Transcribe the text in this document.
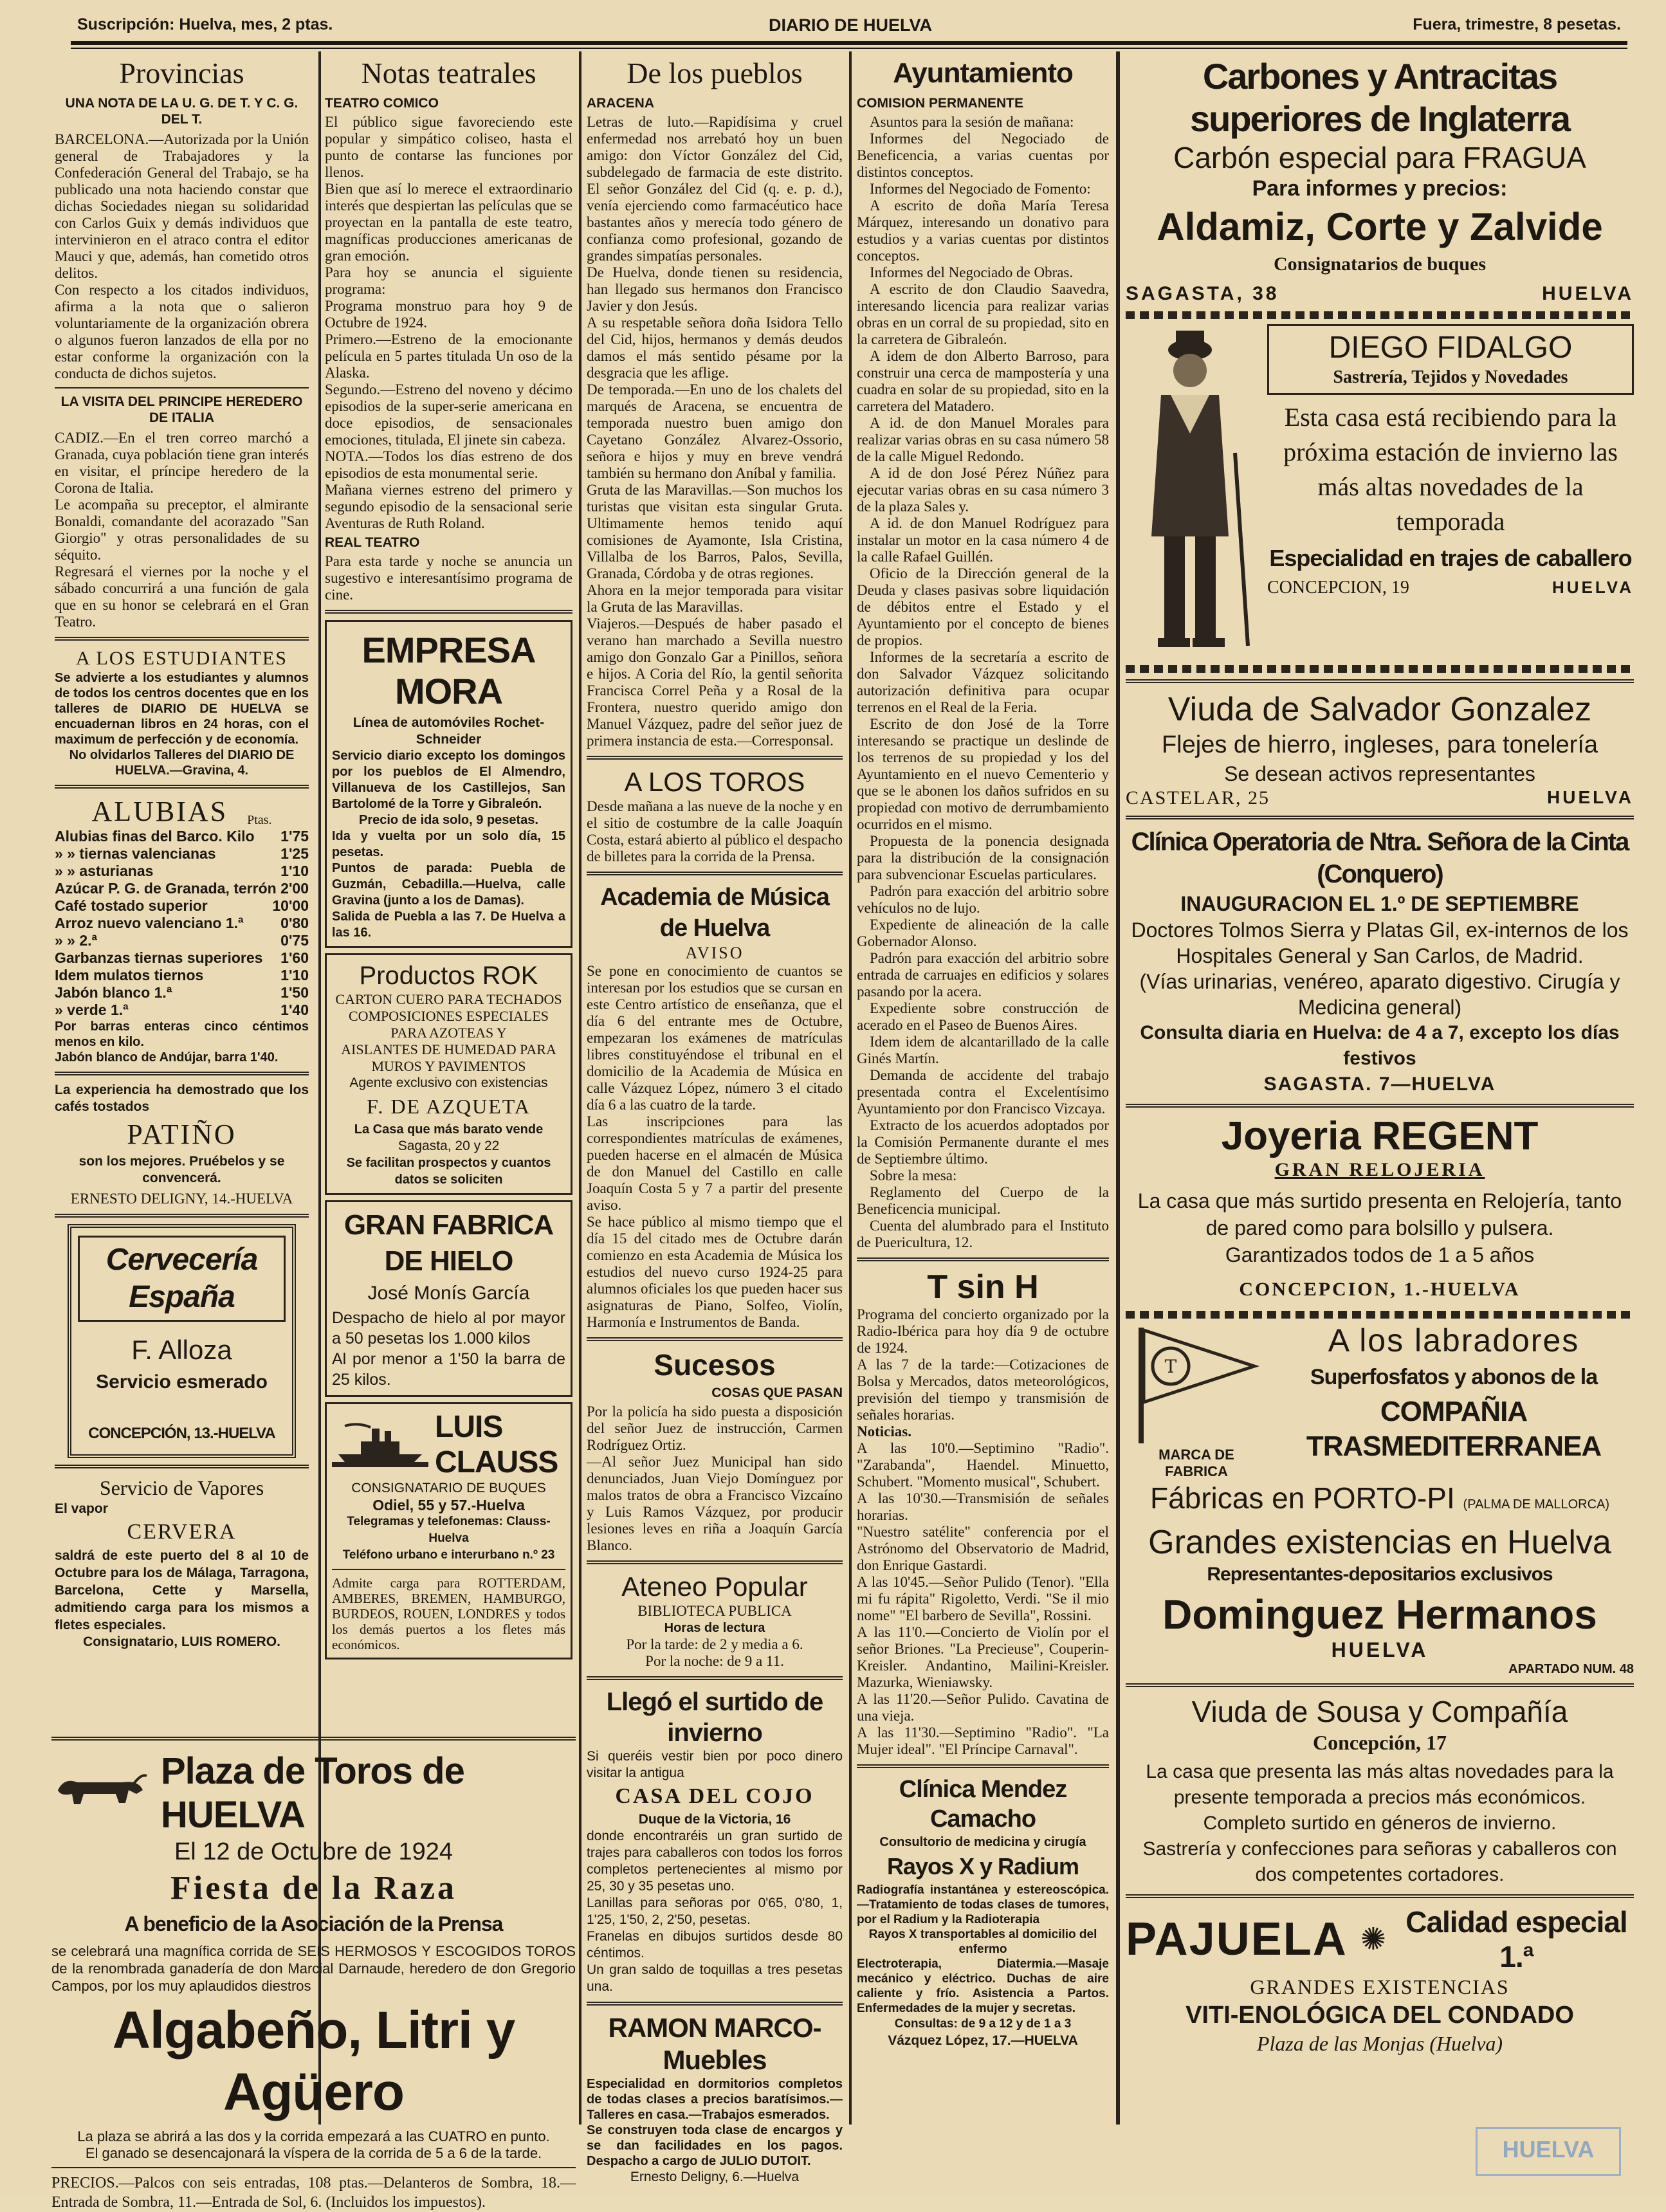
Suscripción: Huelva, mes, 2 ptas.	DIARIO DE HUELVA	Fuera, trimestre, 8 pesetas.
Provincias

UNA NOTA DE LA U. G. DE T. Y C. G. DEL T.

BARCELONA.—Autorizada por la Unión general de Trabajadores y la Confederación General del Trabajo, se ha publicado una nota haciendo constar que dichas Sociedades niegan su solidaridad con Carlos Guix y demás individuos que intervinieron en el atraco contra el editor Mauci y que, además, han cometido otros delitos.

Con respecto a los citados individuos, afirma a la nota que o salieron voluntariamente de la organización obrera o algunos fueron lanzados de ella por no estar conforme la organización con la conducta de dichos sujetos.

LA VISITA DEL PRINCIPE HEREDERO DE ITALIA

CADIZ.—En el tren correo marchó a Granada, cuya población tiene gran interés en visitar, el príncipe heredero de la Corona de Italia.

Le acompaña su preceptor, el almirante Bonaldi, comandante del acorazado "San Giorgio" y otras personalidades de su séquito.

Regresará el viernes por la noche y el sábado concurrirá a una función de gala que en su honor se celebrará en el Gran Teatro.

A LOS ESTUDIANTES

Se advierte a los estudiantes y alumnos de todos los centros docentes que en los talleres de DIARIO DE HUELVA se encuadernan libros en 24 horas, con el maximum de perfección y de economía.

No olvidarlos Talleres del DIARIO DE HUELVA.—Gravina, 4.

ALUBIAS Ptas.
Alubias finas del Barco. Kilo 1'75
» » tiernas valencianas	1'25
» » asturianas	1'10
Azúcar P. G. de Granada, terrón 2'00
Café tostado superior	10'00
Arroz nuevo valenciano 1.ª	0'80
» » 2.ª	0'75
Garbanzas tiernas superiores 1'60
Idem mulatos tiernos	1'10
Jabón blanco 1.ª	1'50
» verde 1.ª	1'40

Por barras enteras cinco céntimos menos en kilo.

Jabón blanco de Andújar, barra 1'40.

La experiencia ha demostrado que los cafés tostados

PATIÑO

son los mejores. Pruébelos y se convencerá.

ERNESTO DELIGNY, 14.-HUELVA

Cervecería España
F. Alloza
Servicio esmerado
CONCEPCIÓN, 13.-HUELVA

Servicio de Vapores

El vapor

CERVERA

saldrá de este puerto del 8 al 10 de Octubre para los de Málaga, Tarragona, Barcelona, Cette y Marsella, admitiendo carga para los mismos a fletes especiales.

Consignatario, LUIS ROMERO.

Notas teatrales

TEATRO COMICO

El público sigue favoreciendo este popular y simpático coliseo, hasta el punto de contarse las funciones por llenos.

Bien que así lo merece el extraordinario interés que despiertan las películas que se proyectan en la pantalla de este teatro, magníficas producciones americanas de gran emoción.

Para hoy se anuncia el siguiente programa:

Programa monstruo para hoy 9 de Octubre de 1924.

Primero.—Estreno de la emocionante película en 5 partes titulada Un oso de la Alaska.

Segundo.—Estreno del noveno y décimo episodios de la super-serie americana en doce episodios, de sensacionales emociones, titulada, El jinete sin cabeza.

NOTA.—Todos los días estreno de dos episodios de esta monumental serie.

Mañana viernes estreno del primero y segundo episodio de la sensacional serie Aventuras de Ruth Roland.

REAL TEATRO

Para esta tarde y noche se anuncia un sugestivo e interesantísimo programa de cine.

EMPRESA MORA

Línea de automóviles Rochet-Schneider

Servicio diario excepto los domingos por los pueblos de El Almendro, Villanueva de los Castillejos, San Bartolomé de la Torre y Gibraleón.

Precio de ida solo, 9 pesetas.

Ida y vuelta por un solo día, 15 pesetas.

Puntos de parada: Puebla de Guzmán, Cebadilla.—Huelva, calle Gravina (junto a los de Damas).

Salida de Puebla a las 7. De Huelva a las 16.

Productos ROK

CARTON CUERO PARA TECHADOS

COMPOSICIONES ESPECIALES PARA AZOTEAS Y

AISLANTES DE HUMEDAD PARA MUROS Y PAVIMENTOS

Agente exclusivo con existencias

F. DE AZQUETA

La Casa que más barato vende

Sagasta, 20 y 22

Se facilitan prospectos y cuantos datos se soliciten

GRAN FABRICA DE HIELO

José Monís García

Despacho de hielo al por mayor a 50 pesetas los 1.000 kilos

Al por menor a 1'50 la barra de 25 kilos.

LUIS CLAUSS

CONSIGNATARIO DE BUQUES

Odiel, 55 y 57.-Huelva

Telegramas y telefonemas: Clauss-Huelva

Teléfono urbano e interurbano n.º 23

Admite carga para ROTTERDAM, AMBERES, BREMEN, HAMBURGO, BURDEOS, ROUEN, LONDRES y todos los demás puertos a los fletes más económicos.

De los pueblos

ARACENA

Letras de luto.—Rapidísima y cruel enfermedad nos arrebató hoy un buen amigo: don Víctor González del Cid, subdelegado de farmacia de este distrito. El señor González del Cid (q. e. p. d.), venía ejerciendo como farmacéutico hace bastantes años y merecía todo género de confianza como profesional, gozando de grandes simpatías personales.

De Huelva, donde tienen su residencia, han llegado sus hermanos don Francisco Javier y don Jesús.

A su respetable señora doña Isidora Tello del Cid, hijos, hermanos y demás deudos damos el más sentido pésame por la desgracia que les aflige.

De temporada.—En uno de los chalets del marqués de Aracena, se encuentra de temporada nuestro buen amigo don Cayetano González Alvarez-Ossorio, señora e hijos y muy en breve vendrá también su hermano don Aníbal y familia.

Gruta de las Maravillas.—Son muchos los turistas que visitan esta singular Gruta. Ultimamente hemos tenido aquí comisiones de Ayamonte, Isla Cristina, Villalba de los Barros, Palos, Sevilla, Granada, Córdoba y de otras regiones.

Ahora en la mejor temporada para visitar la Gruta de las Maravillas.

Viajeros.—Después de haber pasado el verano han marchado a Sevilla nuestro amigo don Gonzalo Gar a Pinillos, señora e hijos. A Coria del Río, la gentil señorita Francisca Correl Peña y a Rosal de la Frontera, nuestro querido amigo don Manuel Vázquez, padre del señor juez de primera instancia de esta.—Corresponsal.

A LOS TOROS

Desde mañana a las nueve de la noche y en el sitio de costumbre de la calle Joaquín Costa, estará abierto al público el despacho de billetes para la corrida de la Prensa.

Academia de Música de Huelva

AVISO

Se pone en conocimiento de cuantos se interesan por los estudios que se cursan en este Centro artístico de enseñanza, que el día 6 del entrante mes de Octubre, empezaran los exámenes de matrículas libres constituyéndose el tribunal en el domicilio de la Academia de Música en calle Vázquez López, número 3 el citado día 6 a las cuatro de la tarde.

Las inscripciones para las correspondientes matrículas de exámenes, pueden hacerse en el almacén de Música de don Manuel del Castillo en calle Joaquín Costa 5 y 7 a partir del presente aviso.

Se hace público al mismo tiempo que el día 15 del citado mes de Octubre darán comienzo en esta Academia de Música los estudios del nuevo curso 1924-25 para alumnos oficiales los que pueden hacer sus asignaturas de Piano, Solfeo, Violín, Harmonía e Instrumentos de Banda.

Sucesos

COSAS QUE PASAN

Por la policía ha sido puesta a disposición del señor Juez de instrucción, Carmen Rodríguez Ortiz.

—Al señor Juez Municipal han sido denunciados, Juan Viejo Domínguez por malos tratos de obra a Francisco Vizcaíno y Luis Ramos Vázquez, por producir lesiones leves en riña a Joaquín García Blanco.

Ateneo Popular

BIBLIOTECA PUBLICA

Horas de lectura

Por la tarde: de 2 y media a 6.

Por la noche: de 9 a 11.

Llegó el surtido de invierno

Si queréis vestir bien por poco dinero visitar la antigua

CASA DEL COJO

Duque de la Victoria, 16

donde encontraréis un gran surtido de trajes para caballeros con todos los forros completos pertenecientes al mismo por 25, 30 y 35 pesetas uno.

Lanillas para señoras por 0'65, 0'80, 1, 1'25, 1'50, 2, 2'50, pesetas.

Franelas en dibujos surtidos desde 80 céntimos.

Un gran saldo de toquillas a tres pesetas una.

RAMON MARCO-Muebles

Especialidad en dormitorios completos de todas clases a precios baratísimos.—Talleres en casa.—Trabajos esmerados.

Se construyen toda clase de encargos y se dan facilidades en los pagos. Despacho a cargo de JULIO DUTOIT.

Ernesto Deligny, 6.—Huelva

Ayuntamiento

COMISION PERMANENTE

Asuntos para la sesión de mañana:

Informes del Negociado de Beneficencia, a varias cuentas por distintos conceptos.

Informes del Negociado de Fomento:

A escrito de doña María Teresa Márquez, interesando un donativo para estudios y a varias cuentas por distintos conceptos.

Informes del Negociado de Obras.

A escrito de don Claudio Saavedra, interesando licencia para realizar varias obras en un corral de su propiedad, sito en la carretera de Gibraleón.

A idem de don Alberto Barroso, para construir una cerca de mampostería y una cuadra en solar de su propiedad, sito en la carretera del Matadero.

A id. de don Manuel Morales para realizar varias obras en su casa número 58 de la calle Miguel Redondo.

A id de don José Pérez Núñez para ejecutar varias obras en su casa número 3 de la plaza Sales y.

A id. de don Manuel Rodríguez para instalar un motor en la casa número 4 de la calle Rafael Guillén.

Oficio de la Dirección general de la Deuda y clases pasivas sobre liquidación de débitos entre el Estado y el Ayuntamiento por el concepto de bienes de propios.

Informes de la secretaría a escrito de don Salvador Vázquez solicitando autorización definitiva para ocupar terrenos en el Real de la Feria.

Escrito de don José de la Torre interesando se practique un deslinde de los terrenos de su propiedad y los del Ayuntamiento en el nuevo Cementerio y que se le abonen los daños sufridos en su propiedad con motivo de derrumbamiento ocurridos en el mismo.

Propuesta de la ponencia designada para la distribución de la consignación para subvencionar Escuelas particulares.

Padrón para exacción del arbitrio sobre vehículos no de lujo.

Expediente de alineación de la calle Gobernador Alonso.

Padrón para exacción del arbitrio sobre entrada de carruajes en edificios y solares pasando por la acera.

Expediente sobre construcción de acerado en el Paseo de Buenos Aires.

Idem idem de alcantarillado de la calle Ginés Martín.

Demanda de accidente del trabajo presentada contra el Excelentísimo Ayuntamiento por don Francisco Vizcaya.

Extracto de los acuerdos adoptados por la Comisión Permanente durante el mes de Septiembre último.

Sobre la mesa:

Reglamento del Cuerpo de la Beneficencia municipal.

Cuenta del alumbrado para el Instituto de Puericultura, 12.

T sin H

Programa del concierto organizado por la Radio-Ibérica para hoy día 9 de octubre de 1924.

A las 7 de la tarde:—Cotizaciones de Bolsa y Mercados, datos meteorológicos, previsión del tiempo y transmisión de señales horarias.

Noticias.

A las 10'0.—Septimino "Radio". "Zarabanda", Haendel. Minuetto, Schubert. "Momento musical", Schubert.

A las 10'30.—Transmisión de señales horarias.

"Nuestro satélite" conferencia por el Astrónomo del Observatorio de Madrid, don Enrique Gastardi.

A las 10'45.—Señor Pulido (Tenor). "Ella mi fu rápita" Rigoletto, Verdi. "Se il mio nome" "El barbero de Sevilla", Rossini.

A las 11'0.—Concierto de Violín por el señor Briones. "La Precieuse", Couperin-Kreisler. Andantino, Mailini-Kreisler. Mazurka, Wieniawsky.

A las 11'20.—Señor Pulido. Cavatina de una vieja.

A las 11'30.—Septimino "Radio". "La Mujer ideal". "El Príncipe Carnaval".

Clínica Mendez Camacho

Consultorio de medicina y cirugía

Rayos X y Radium

Radiografía instantánea y estereoscópica.—Tratamiento de todas clases de tumores, por el Radium y la Radioterapia

Rayos X transportables al domicilio del enfermo

Electroterapia, Diatermia.—Masaje mecánico y eléctrico. Duchas de aire caliente y frío. Asistencia a Partos. Enfermedades de la mujer y secretas.

Consultas: de 9 a 12 y de 1 a 3

Vázquez López, 17.—HUELVA

Carbones y Antracitas superiores de Inglaterra

Carbón especial para FRAGUA

Para informes y precios:

Aldamiz, Corte y Zalvide

Consignatarios de buques

SAGASTA, 38	HUELVA

DIEGO FIDALGO

Sastrería, Tejidos y Novedades

Esta casa está recibiendo para la próxima estación de invierno las más altas novedades de la temporada

Especialidad en trajes de caballero

CONCEPCION, 19	HUELVA

Viuda de Salvador Gonzalez

Flejes de hierro, ingleses, para tonelería

Se desean activos representantes

CASTELAR, 25	HUELVA

Clínica Operatoria de Ntra. Señora de la Cinta (Conquero)

INAUGURACION EL 1.º DE SEPTIEMBRE

Doctores Tolmos Sierra y Platas Gil, ex-internos de los Hospitales General y San Carlos, de Madrid.

(Vías urinarias, venéreo, aparato digestivo. Cirugía y Medicina general)

Consulta diaria en Huelva: de 4 a 7, excepto los días festivos

SAGASTA. 7—HUELVA

Joyeria REGENT

GRAN RELOJERIA

La casa que más surtido presenta en Relojería, tanto de pared como para bolsillo y pulsera.

Garantizados todos de 1 a 5 años

CONCEPCION, 1.-HUELVA

T

MARCA DE FABRICA

A los labradores

Superfosfatos y abonos de la

COMPAÑIA TRASMEDITERRANEA

Fábricas en PORTO-PI (PALMA DE MALLORCA)

Grandes existencias en Huelva

Representantes-depositarios exclusivos

Dominguez Hermanos

HUELVA

APARTADO NUM. 48

Viuda de Sousa y Compañía

Concepción, 17

La casa que presenta las más altas novedades para la presente temporada a precios más económicos.

Completo surtido en géneros de invierno.

Sastrería y confecciones para señoras y caballeros con dos competentes cortadores.

PAJUELA ✺
Calidad especial 1.ª

GRANDES EXISTENCIAS

VITI-ENOLÓGICA DEL CONDADO

Plaza de las Monjas (Huelva)

Plaza de Toros de HUELVA

El 12 de Octubre de 1924

Fiesta de la Raza

A beneficio de la Asociación de la Prensa

se celebrará una magnífica corrida de SEIS HERMOSOS Y ESCOGIDOS TOROS de la renombrada ganadería de don Marcial Darnaude, heredero de don Gregorio Campos, por los muy aplaudidos diestros

Algabeño, Litri y Agüero

La plaza se abrirá a las dos y la corrida empezará a las CUATRO en punto.

El ganado se desencajonará la víspera de la corrida de 5 a 6 de la tarde.

PRECIOS.—Palcos con seis entradas, 108 ptas.—Delanteros de Sombra, 18.—Entrada de Sombra, 11.—Entrada de Sol, 6. (Incluidos los impuestos).

HUELVA
